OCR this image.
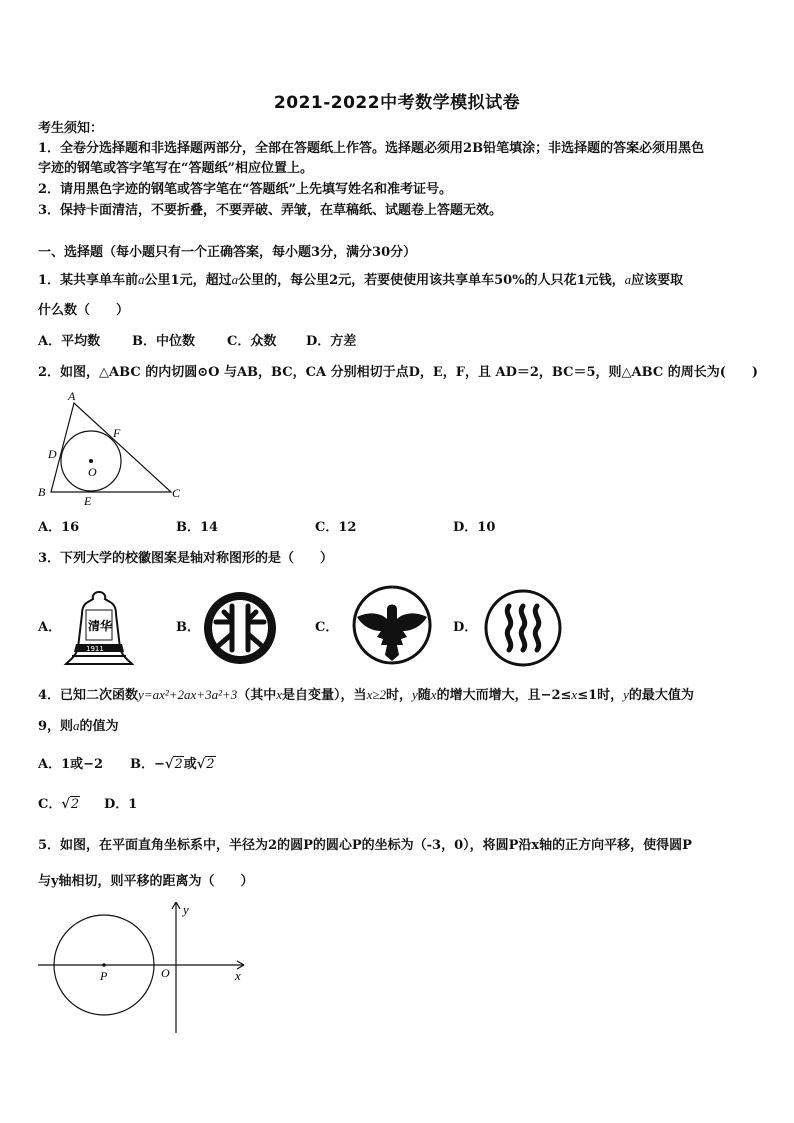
2021-2022中考数学模拟试卷
考生须知：
1．全卷分选择题和非选择题两部分，全部在答题纸上作答。选择题必须用2B铅笔填涂；非选择题的答案必须用黑色
字迹的钢笔或答字笔写在“答题纸”相应位置上。
2．请用黑色字迹的钢笔或答字笔在“答题纸”上先填写姓名和准考证号。
3．保持卡面清洁，不要折叠，不要弄破、弄皱，在草稿纸、试题卷上答题无效。
一、选择题（每小题只有一个正确答案，每小题3分，满分30分）
1．某共享单车前a公里1元，超过a公里的，每公里2元，若要使使用该共享单车50%的人只花1元钱，a应该要取
什么数（　　）
A．平均数 B．中位数 C．众数 D．方差
2．如图，△ABC 的内切圆⊙O 与AB，BC，CA 分别相切于点D，E，F，且 AD＝2，BC＝5，则△ABC 的周长为(　　)
A
B	C
D
E
F
O
A．16	B．14	C．12	D．10
3．下列大学的校徽图案是轴对称图形的是（　　）
A．	B．	C．	D．
清华
1911
4．已知二次函数y=ax²+2ax+3a²+3（其中x是自变量），当x≥2时，y随x的增大而增大，且−2≤x≤1时，y的最大值为
9，则a的值为
A．1或−2 B．−√2或√2
C．√2 D．1
5．如图，在平面直角坐标系中，半径为2的圆P的圆心P的坐标为（-3，0），将圆P沿x轴的正方向平移，使得圆P
与y轴相切，则平移的距离为（　　）
P	O	x
y
